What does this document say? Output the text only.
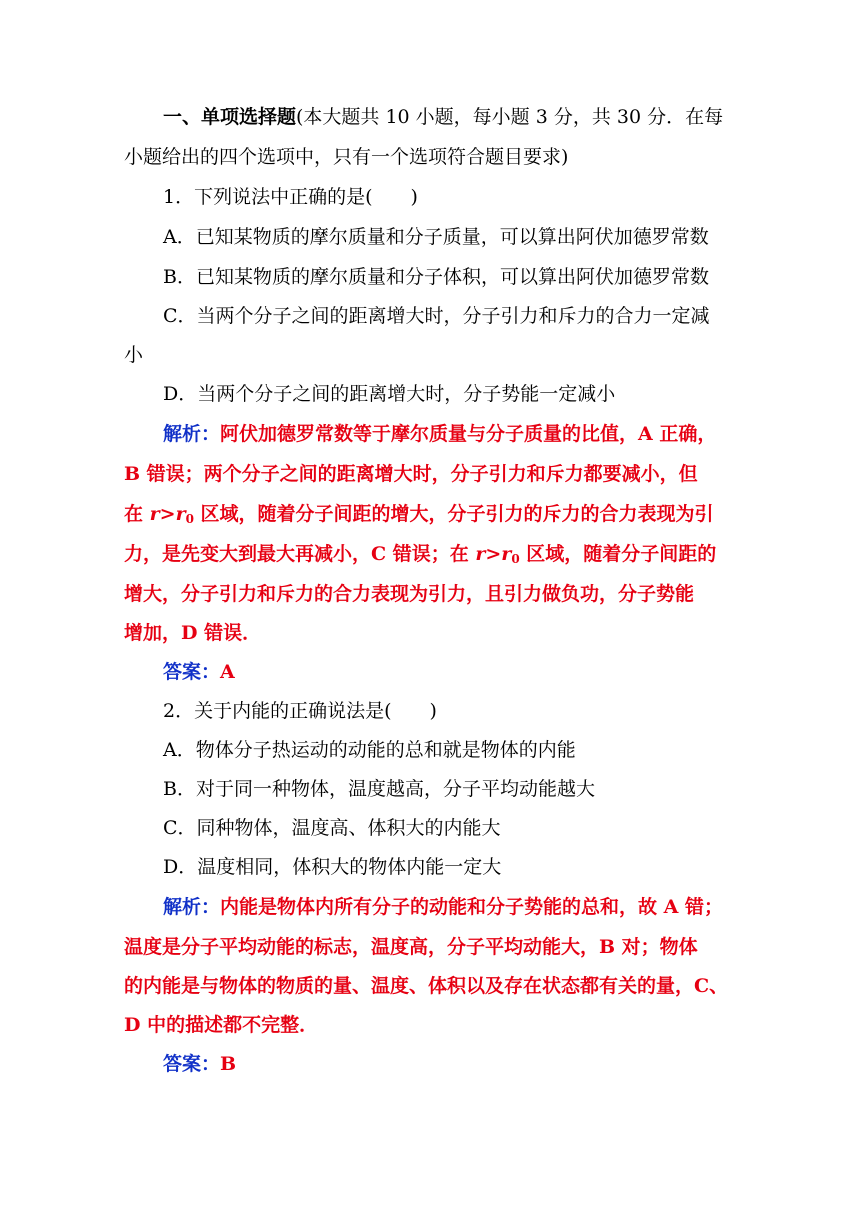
一、单项选择题(本大题共 10 小题，每小题 3 分，共 30 分．在每

小题给出的四个选项中，只有一个选项符合题目要求)

1．下列说法中正确的是(　　)

A．已知某物质的摩尔质量和分子质量，可以算出阿伏加德罗常数

B．已知某物质的摩尔质量和分子体积，可以算出阿伏加德罗常数

C．当两个分子之间的距离增大时，分子引力和斥力的合力一定减

小

D．当两个分子之间的距离增大时，分子势能一定减小

解析：阿伏加德罗常数等于摩尔质量与分子质量的比值，A 正确，

B 错误；两个分子之间的距离增大时，分子引力和斥力都要减小，但

在 $r>r_0$ 区域，随着分子间距的增大，分子引力的斥力的合力表现为引

力，是先变大到最大再减小，C 错误；在 $r>r_0$ 区域，随着分子间距的

增大，分子引力和斥力的合力表现为引力，且引力做负功，分子势能

增加，D 错误．

答案：A

2．关于内能的正确说法是(　　)

A．物体分子热运动的动能的总和就是物体的内能

B．对于同一种物体，温度越高，分子平均动能越大

C．同种物体，温度高、体积大的内能大

D．温度相同，体积大的物体内能一定大

解析：内能是物体内所有分子的动能和分子势能的总和，故 A 错；

温度是分子平均动能的标志，温度高，分子平均动能大，B 对；物体

的内能是与物体的物质的量、温度、体积以及存在状态都有关的量，C、

D 中的描述都不完整．

答案：B
